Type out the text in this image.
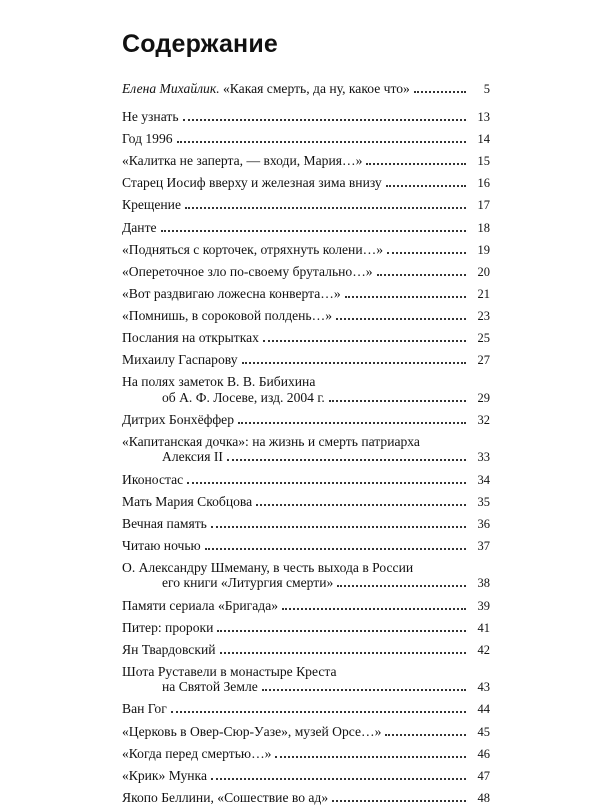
Содержание
Елена Михайлик. «Какая смерть, да ну, какое что»	5
Не узнать	13
Год 1996	14
«Калитка не заперта, — входи, Мария…»	15
Старец Иосиф вверху и железная зима внизу	16
Крещение	17
Данте	18
«Подняться с корточек, отряхнуть колени…»	19
«Опереточное зло по-своему брутально…»	20
«Вот раздвигаю ложесна конверта…»	21
«Помнишь, в сороковой полдень…»	23
Послания на открытках	25
Михаилу Гаспарову	27
На полях заметок В. В. Бибихина
об А. Ф. Лосеве, изд. 2004 г.	29
Дитрих Бонхёффер	32
«Капитанская дочка»: на жизнь и смерть патриарха
Алексия II	33
Иконостас	34
Мать Мария Скобцова	35
Вечная память	36
Читаю ночью	37
О. Александру Шмеману, в честь выхода в России
его книги «Литургия смерти»	38
Памяти сериала «Бригада»	39
Питер: пророки	41
Ян Твардовский	42
Шота Руставели в монастыре Креста
на Святой Земле	43
Ван Гог	44
«Церковь в Овер-Сюр-Уазе», музей Орсе…»	45
«Когда перед смертью…»	46
«Крик» Мунка	47
Якопо Беллини, «Сошествие во ад»	48
